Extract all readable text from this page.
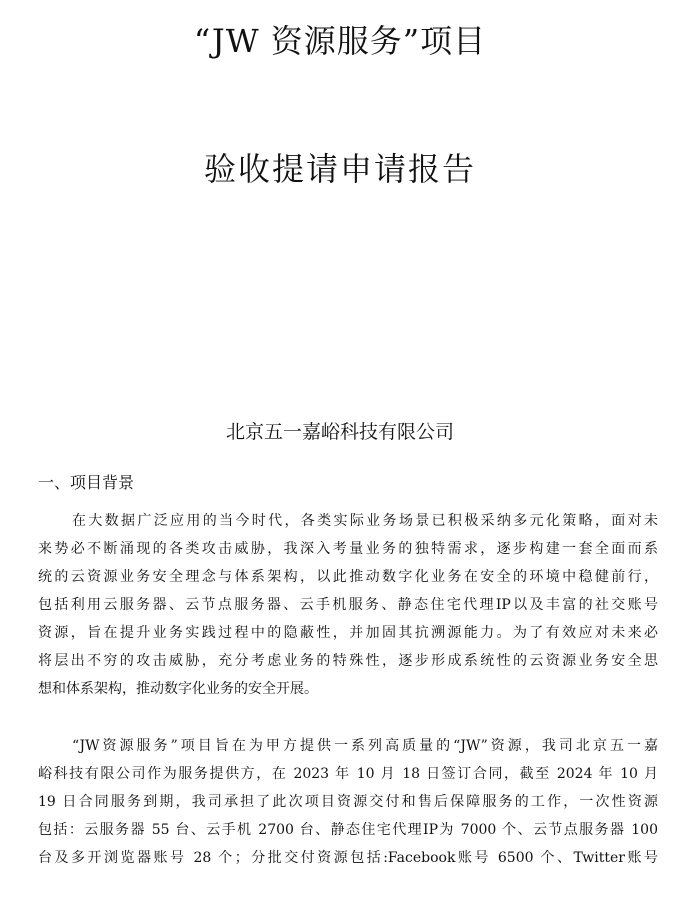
“JW 资源服务”项目
验收提请申请报告
北京五一嘉峪科技有限公司
一、项目背景
在大数据广泛应用的当今时代，各类实际业务场景已积极采纳多元化策略，面对未
来势必不断涌现的各类攻击威胁，我深入考量业务的独特需求，逐步构建一套全面而系
统的云资源业务安全理念与体系架构，以此推动数字化业务在安全的环境中稳健前行，
包括利用云服务器、云节点服务器、云手机服务、静态住宅代理IP以及丰富的社交账号
资源，旨在提升业务实践过程中的隐蔽性，并加固其抗溯源能力。为了有效应对未来必
将层出不穷的攻击威胁，充分考虑业务的特殊性，逐步形成系统性的云资源业务安全思
想和体系架构，推动数字化业务的安全开展。
“JW资源服务”项目旨在为甲方提供一系列高质量的“JW”资源，我司北京五一嘉
峪科技有限公司作为服务提供方，在 2023 年 10 月 18 日签订合同，截至 2024 年 10 月
19 日合同服务到期，我司承担了此次项目资源交付和售后保障服务的工作，一次性资源
包括：云服务器 55 台、云手机 2700 台、静态住宅代理IP为 7000 个、云节点服务器 100
台及多开浏览器账号 28 个；分批交付资源包括:Facebook账号 6500 个、Twitter账号
